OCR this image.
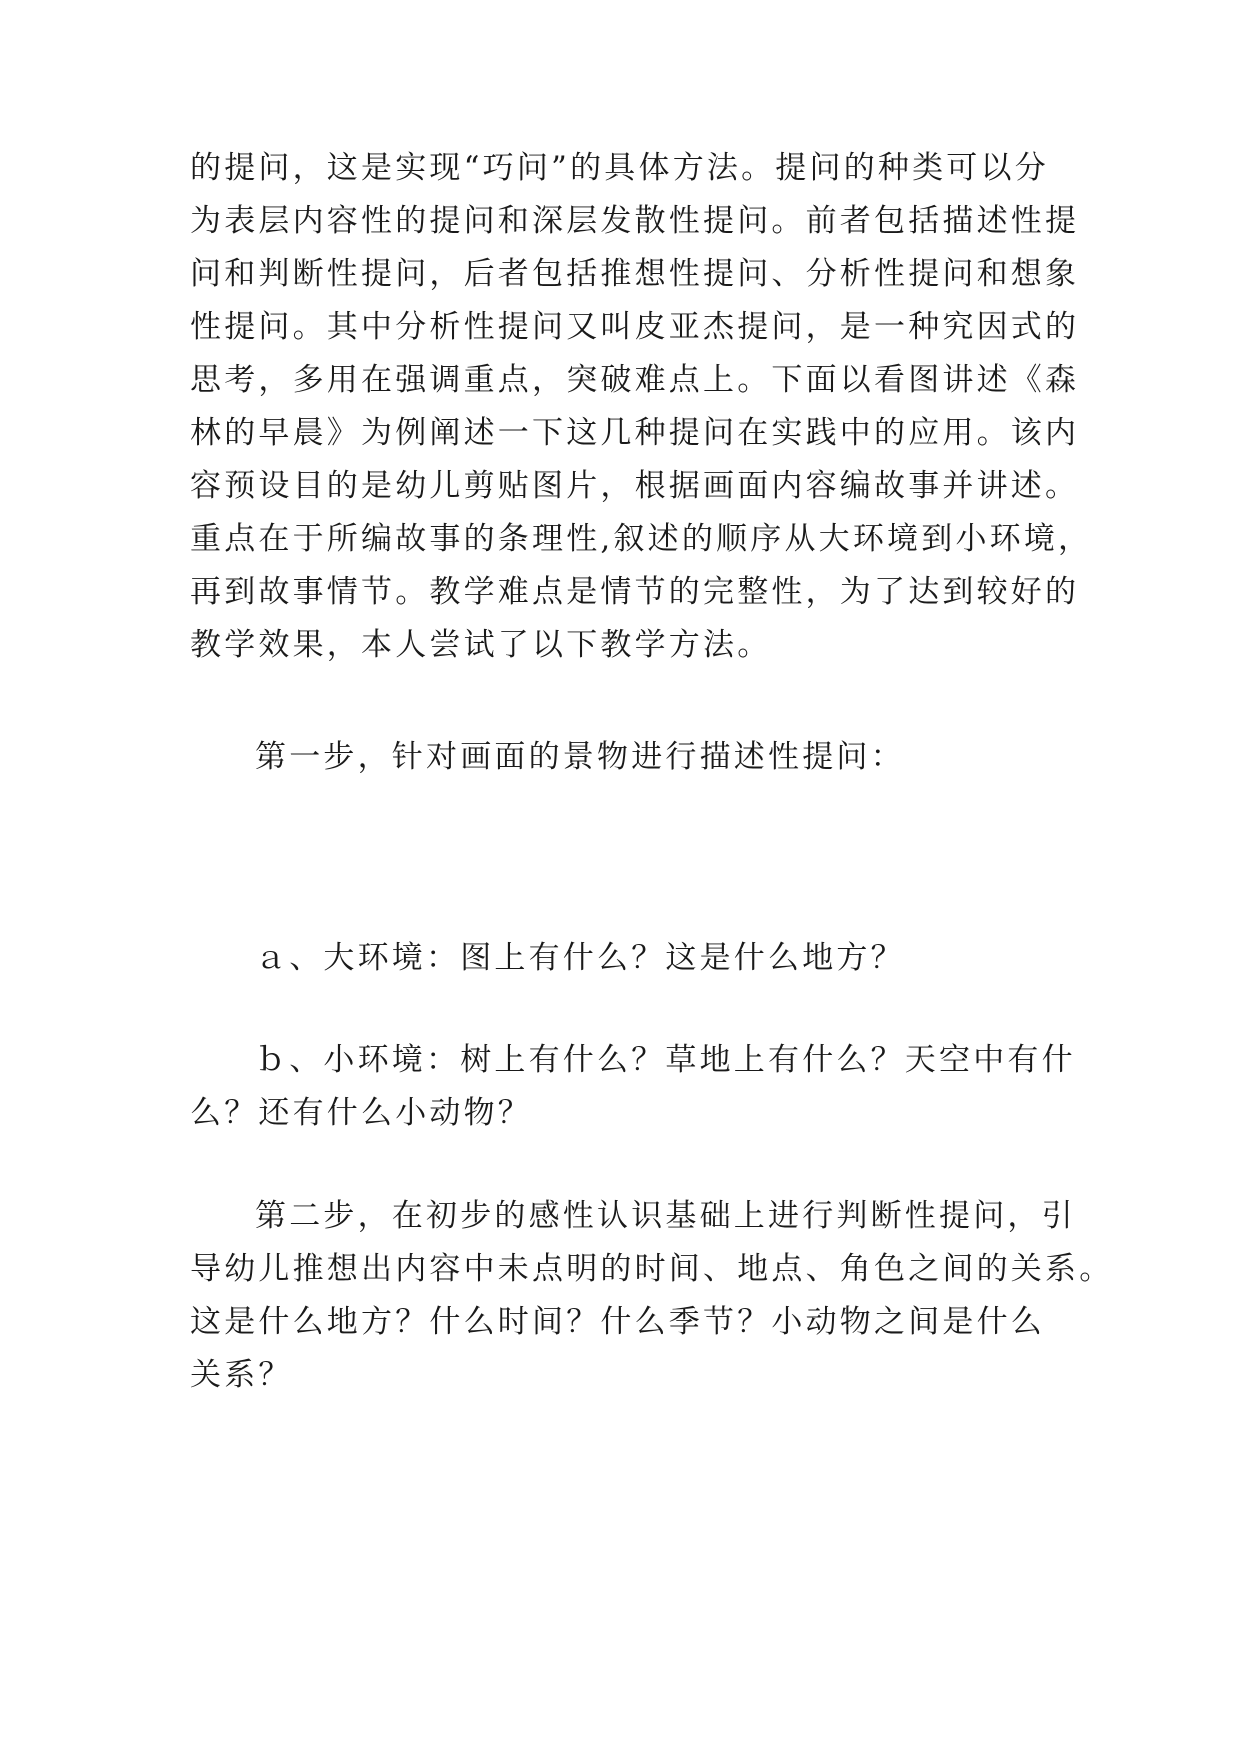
的提问，这是实现“巧问”的具体方法。提问的种类可以分
为表层内容性的提问和深层发散性提问。前者包括描述性提
问和判断性提问，后者包括推想性提问、分析性提问和想象
性提问。其中分析性提问又叫皮亚杰提问，是一种究因式的
思考，多用在强调重点，突破难点上。下面以看图讲述《森
林的早晨》为例阐述一下这几种提问在实践中的应用。该内
容预设目的是幼儿剪贴图片，根据画面内容编故事并讲述。
重点在于所编故事的条理性,叙述的顺序从大环境到小环境，
再到故事情节。教学难点是情节的完整性，为了达到较好的
教学效果，本人尝试了以下教学方法。
第一步，针对画面的景物进行描述性提问：
ａ、大环境：图上有什么？这是什么地方？
ｂ、小环境：树上有什么？草地上有什么？天空中有什
么？还有什么小动物？
第二步，在初步的感性认识基础上进行判断性提问，引
导幼儿推想出内容中未点明的时间、地点、角色之间的关系。
这是什么地方？什么时间？什么季节？小动物之间是什么
关系？
